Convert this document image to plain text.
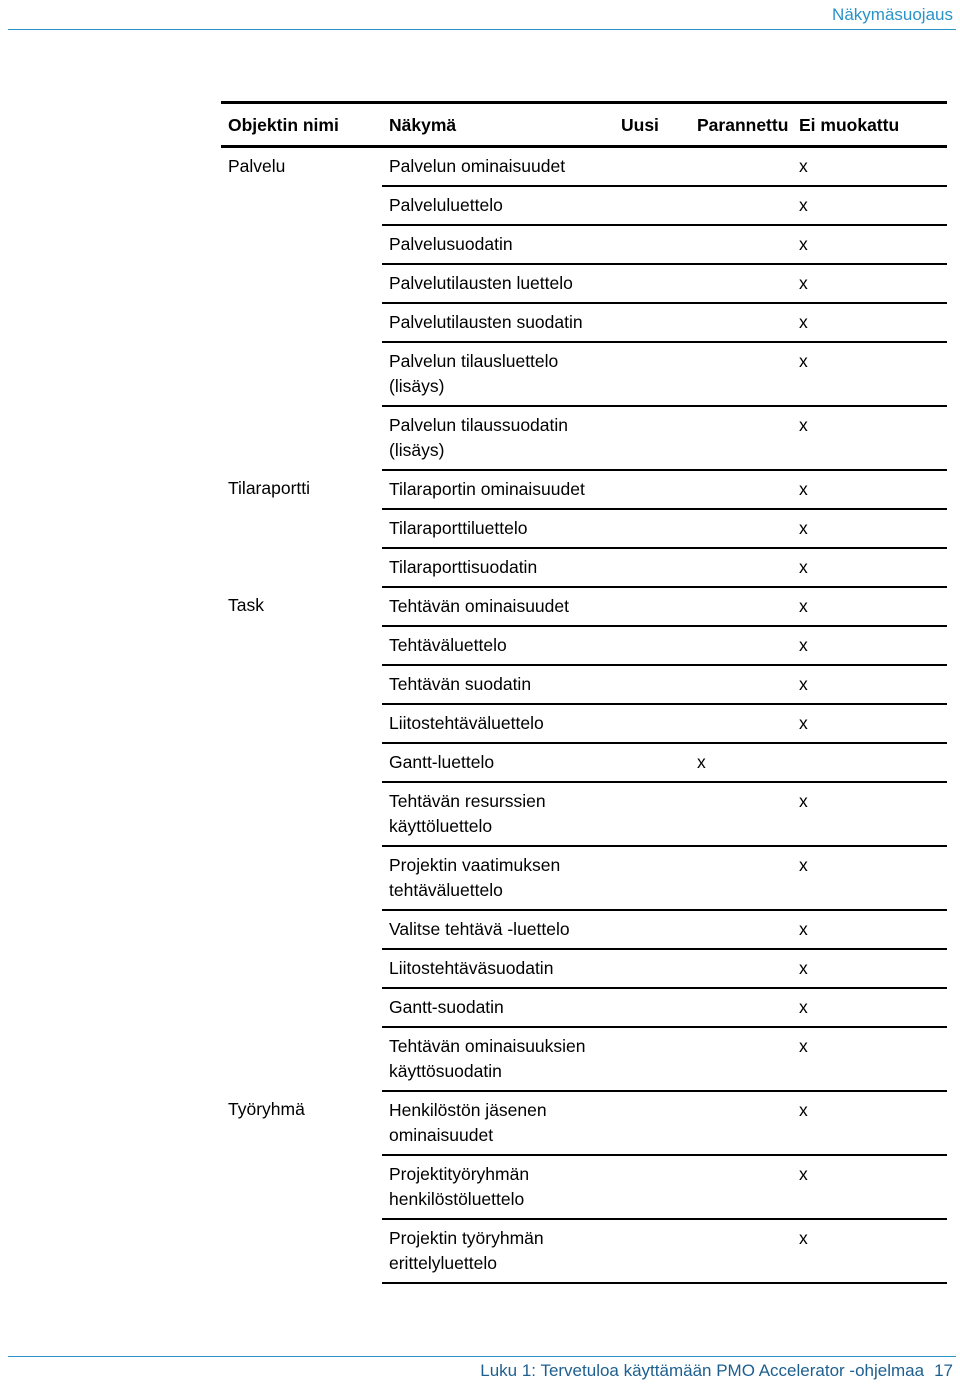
Näkymäsuojaus
Objektin nimi	Näkymä	Uusi	Parannettu	Ei muokattu
Palvelu	Palvelun ominaisuudet			x
	Palveluluettelo			x
	Palvelusuodatin			x
	Palvelutilausten luettelo			x
	Palvelutilausten suodatin			x
	Palvelun tilausluettelo (lisäys)			x
	Palvelun tilaussuodatin (lisäys)			x
Tilaraportti	Tilaraportin ominaisuudet			x
	Tilaraporttiluettelo			x
	Tilaraporttisuodatin			x
Task	Tehtävän ominaisuudet			x
	Tehtäväluettelo			x
	Tehtävän suodatin			x
	Liitostehtäväluettelo			x
	Gantt-luettelo		x	
	Tehtävän resurssien käyttöluettelo			x
	Projektin vaatimuksen tehtäväluettelo			x
	Valitse tehtävä -luettelo			x
	Liitostehtäväsuodatin			x
	Gantt-suodatin			x
	Tehtävän ominaisuuksien käyttösuodatin			x
Työryhmä	Henkilöstön jäsenen ominaisuudet			x
	Projektityöryhmän henkilöstöluettelo			x
	Projektin työryhmän erittelyluettelo			x
Luku 1: Tervetuloa käyttämään PMO Accelerator -ohjelmaa 17
